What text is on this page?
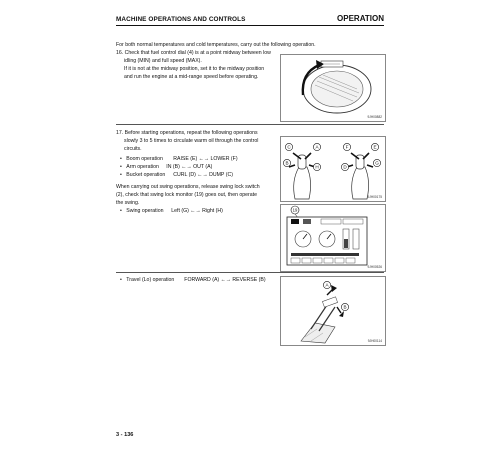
MACHINE OPERATIONS AND CONTROLS	OPERATION
For both normal temperatures and cold temperatures, carry out the following operation.
16. Check that fuel control dial (4) is at a point midway between low
idling (MIN) and full speed (MAX).
If it is not at the midway position, set it to the midway position
and run the engine at a mid-range speed before operating.
9JH00882
17. Before starting operations, repeat the following operations
slowly 3 to 5 times to circulate warm oil through the control
circuits.
• Boom operation RAISE (E) ←→ LOWER (F)
• Arm operation IN (B) ←→ OUT (A)
• Bucket operation CURL (D) ←→ DUMP (C)
When carrying out swing operations, release swing lock switch
(2), check that swing lock monitor (19) goes out, then operate
the swing.
• Swing operation Left (G) ←→ Right (H)
C	A	F	E
B
H	D
G
9JH00175
19
9JH00526
• Travel (Lo) operation FORWARD (A) ←→ REVERSE (B)
A
B
9JH00114
3 - 136
